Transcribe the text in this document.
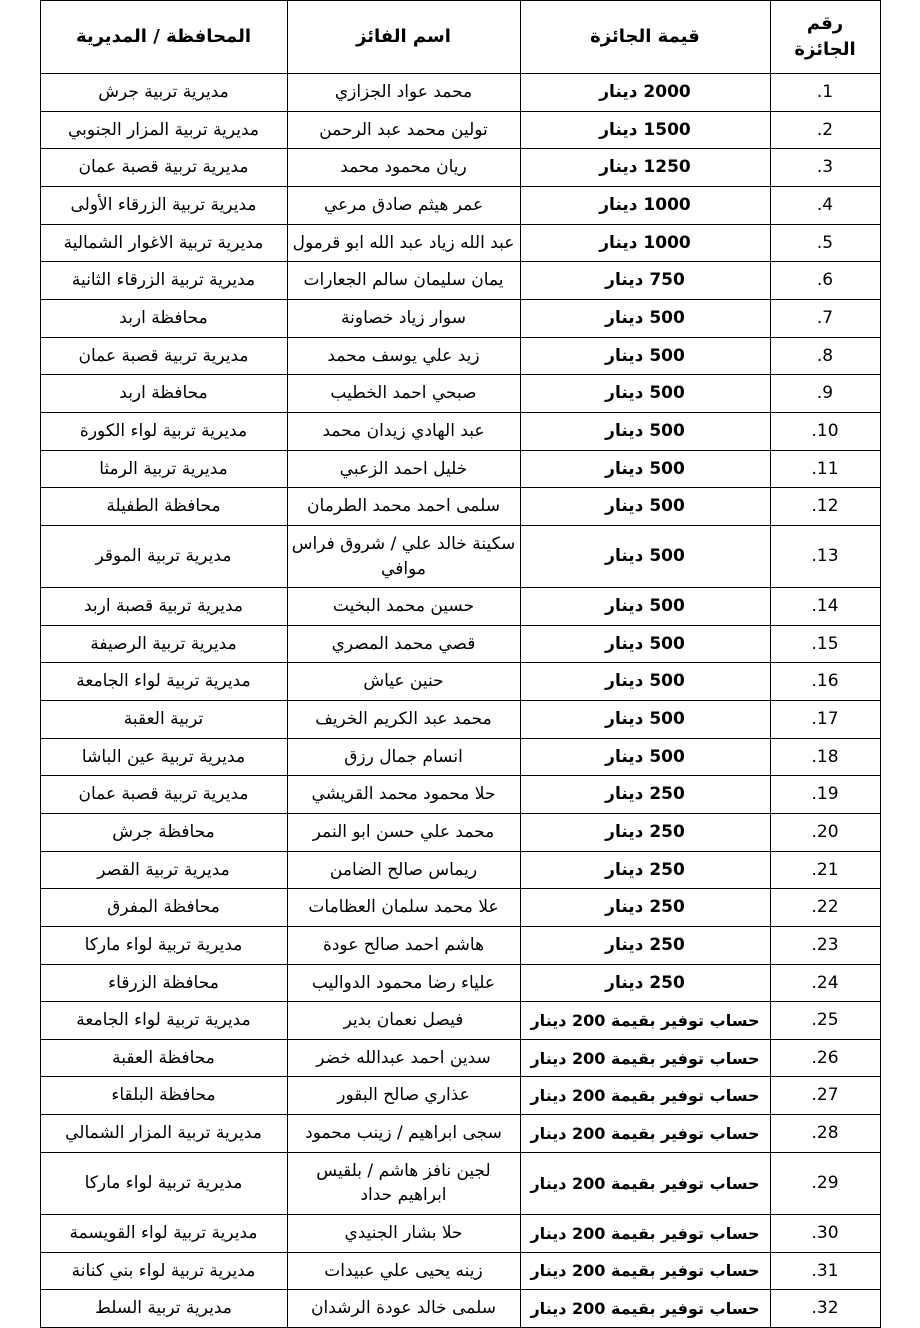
رقم الجائزة	قيمة الجائزة	اسم الفائز	المحافظة / المديرية
.1	2000 دينار	محمد عواد الجزازي	مديرية تربية جرش
.2	1500 دينار	تولين محمد عبد الرحمن	مديرية تربية المزار الجنوبي
.3	1250 دينار	ريان محمود محمد	مديرية تربية قصبة عمان
.4	1000 دينار	عمر هيثم صادق مرعي	مديرية تربية الزرقاء الأولى
.5	1000 دينار	عبد الله زياد عبد الله ابو قرمول	مديرية تربية الاغوار الشمالية
.6	750 دينار	يمان سليمان سالم الجعارات	مديرية تربية الزرقاء الثانية
.7	500 دينار	سوار زياد خصاونة	محافظة اربد
.8	500 دينار	زيد علي يوسف محمد	مديرية تربية قصبة عمان
.9	500 دينار	صبحي احمد الخطيب	محافظة اربد
.10	500 دينار	عبد الهادي زيدان محمد	مديرية تربية لواء الكورة
.11	500 دينار	خليل احمد الزعبي	مديرية تربية الرمثا
.12	500 دينار	سلمى احمد محمد الطرمان	محافظة الطفيلة
.13	500 دينار	سكينة خالد علي / شروق فراس موافي	مديرية تربية الموقر
.14	500 دينار	حسين محمد البخيت	مديرية تربية قصبة اربد
.15	500 دينار	قصي محمد المصري	مديرية تربية الرصيفة
.16	500 دينار	حنين عياش	مديرية تربية لواء الجامعة
.17	500 دينار	محمد عبد الكريم الخريف	تربية العقبة
.18	500 دينار	انسام جمال رزق	مديرية تربية عين الباشا
.19	250 دينار	حلا محمود محمد القريشي	مديرية تربية قصبة عمان
.20	250 دينار	محمد علي حسن ابو النمر	محافظة جرش
.21	250 دينار	ريماس صالح الضامن	مديرية تربية القصر
.22	250 دينار	علا محمد سلمان العظامات	محافظة المفرق
.23	250 دينار	هاشم احمد صالح عودة	مديرية تربية لواء ماركا
.24	250 دينار	علياء رضا محمود الدواليب	محافظة الزرقاء
.25	حساب توفير بقيمة 200 دينار	فيصل نعمان بدير	مديرية تربية لواء الجامعة
.26	حساب توفير بقيمة 200 دينار	سدين احمد عبدالله خضر	محافظة العقبة
.27	حساب توفير بقيمة 200 دينار	عذاري صالح البقور	محافظة البلقاء
.28	حساب توفير بقيمة 200 دينار	سجى ابراهيم / زينب محمود	مديرية تربية المزار الشمالي
.29	حساب توفير بقيمة 200 دينار	لجين نافز هاشم / بلقيس ابراهيم حداد	مديرية تربية لواء ماركا
.30	حساب توفير بقيمة 200 دينار	حلا بشار الجنيدي	مديرية تربية لواء القويسمة
.31	حساب توفير بقيمة 200 دينار	زينه يحيى علي عبيدات	مديرية تربية لواء بني كنانة
.32	حساب توفير بقيمة 200 دينار	سلمى خالد عودة الرشدان	مديرية تربية السلط
